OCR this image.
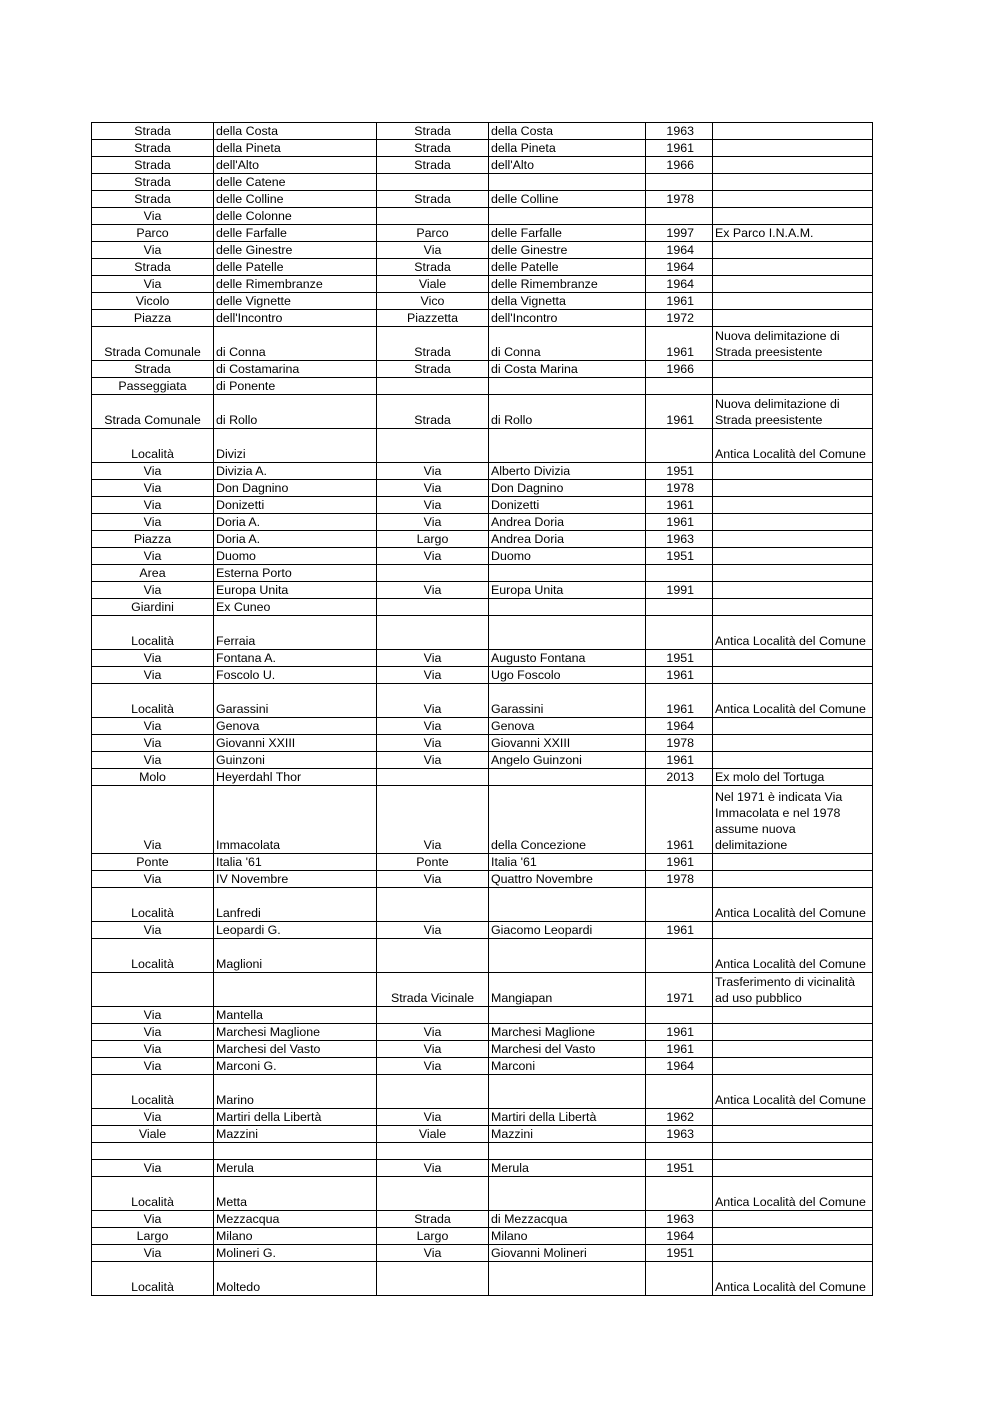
Strada	della Costa	Strada	della Costa	1963	
Strada	della Pineta	Strada	della Pineta	1961	
Strada	dell'Alto	Strada	dell'Alto	1966	
Strada	delle Catene				
Strada	delle Colline	Strada	delle Colline	1978	
Via	delle Colonne				
Parco	delle Farfalle	Parco	delle Farfalle	1997	Ex Parco I.N.A.M.
Via	delle Ginestre	Via	delle Ginestre	1964	
Strada	delle Patelle	Strada	delle Patelle	1964	
Via	delle Rimembranze	Viale	delle Rimembranze	1964	
Vicolo	delle Vignette	Vico	della Vignetta	1961	
Piazza	dell'Incontro	Piazzetta	dell'Incontro	1972	
Strada Comunale	di Conna	Strada	di Conna	1961	Nuova delimitazione di Strada preesistente
Strada	di Costamarina	Strada	di Costa Marina	1966	
Passeggiata	di Ponente				
Strada Comunale	di Rollo	Strada	di Rollo	1961	Nuova delimitazione di Strada preesistente
Località	Divizi				Antica Località del Comune
Via	Divizia A.	Via	Alberto Divizia	1951	
Via	Don Dagnino	Via	Don Dagnino	1978	
Via	Donizetti	Via	Donizetti	1961	
Via	Doria A.	Via	Andrea Doria	1961	
Piazza	Doria A.	Largo	Andrea Doria	1963	
Via	Duomo	Via	Duomo	1951	
Area	Esterna Porto				
Via	Europa Unita	Via	Europa Unita	1991	
Giardini	Ex Cuneo				
Località	Ferraia				Antica Località del Comune
Via	Fontana A.	Via	Augusto Fontana	1951	
Via	Foscolo U.	Via	Ugo Foscolo	1961	
Località	Garassini	Via	Garassini	1961	Antica Località del Comune
Via	Genova	Via	Genova	1964	
Via	Giovanni XXIII	Via	Giovanni XXIII	1978	
Via	Guinzoni	Via	Angelo Guinzoni	1961	
Molo	Heyerdahl Thor			2013	Ex molo del Tortuga
Via	Immacolata	Via	della Concezione	1961	Nel 1971 è indicata Via Immacolata e nel 1978 assume nuova delimitazione
Ponte	Italia '61	Ponte	Italia '61	1961	
Via	IV Novembre	Via	Quattro Novembre	1978	
Località	Lanfredi				Antica Località del Comune
Via	Leopardi G.	Via	Giacomo Leopardi	1961	
Località	Maglioni				Antica Località del Comune
		Strada Vicinale	Mangiapan	1971	Trasferimento di vicinalità ad uso pubblico
Via	Mantella				
Via	Marchesi Maglione	Via	Marchesi Maglione	1961	
Via	Marchesi del Vasto	Via	Marchesi del Vasto	1961	
Via	Marconi G.	Via	Marconi	1964	
Località	Marino				Antica Località del Comune
Via	Martiri della Libertà	Via	Martiri della Libertà	1962	
Viale	Mazzini	Viale	Mazzini	1963	

Via	Merula	Via	Merula	1951	
Località	Metta				Antica Località del Comune
Via	Mezzacqua	Strada	di Mezzacqua	1963	
Largo	Milano	Largo	Milano	1964	
Via	Molineri G.	Via	Giovanni Molineri	1951	
Località	Moltedo				Antica Località del Comune
